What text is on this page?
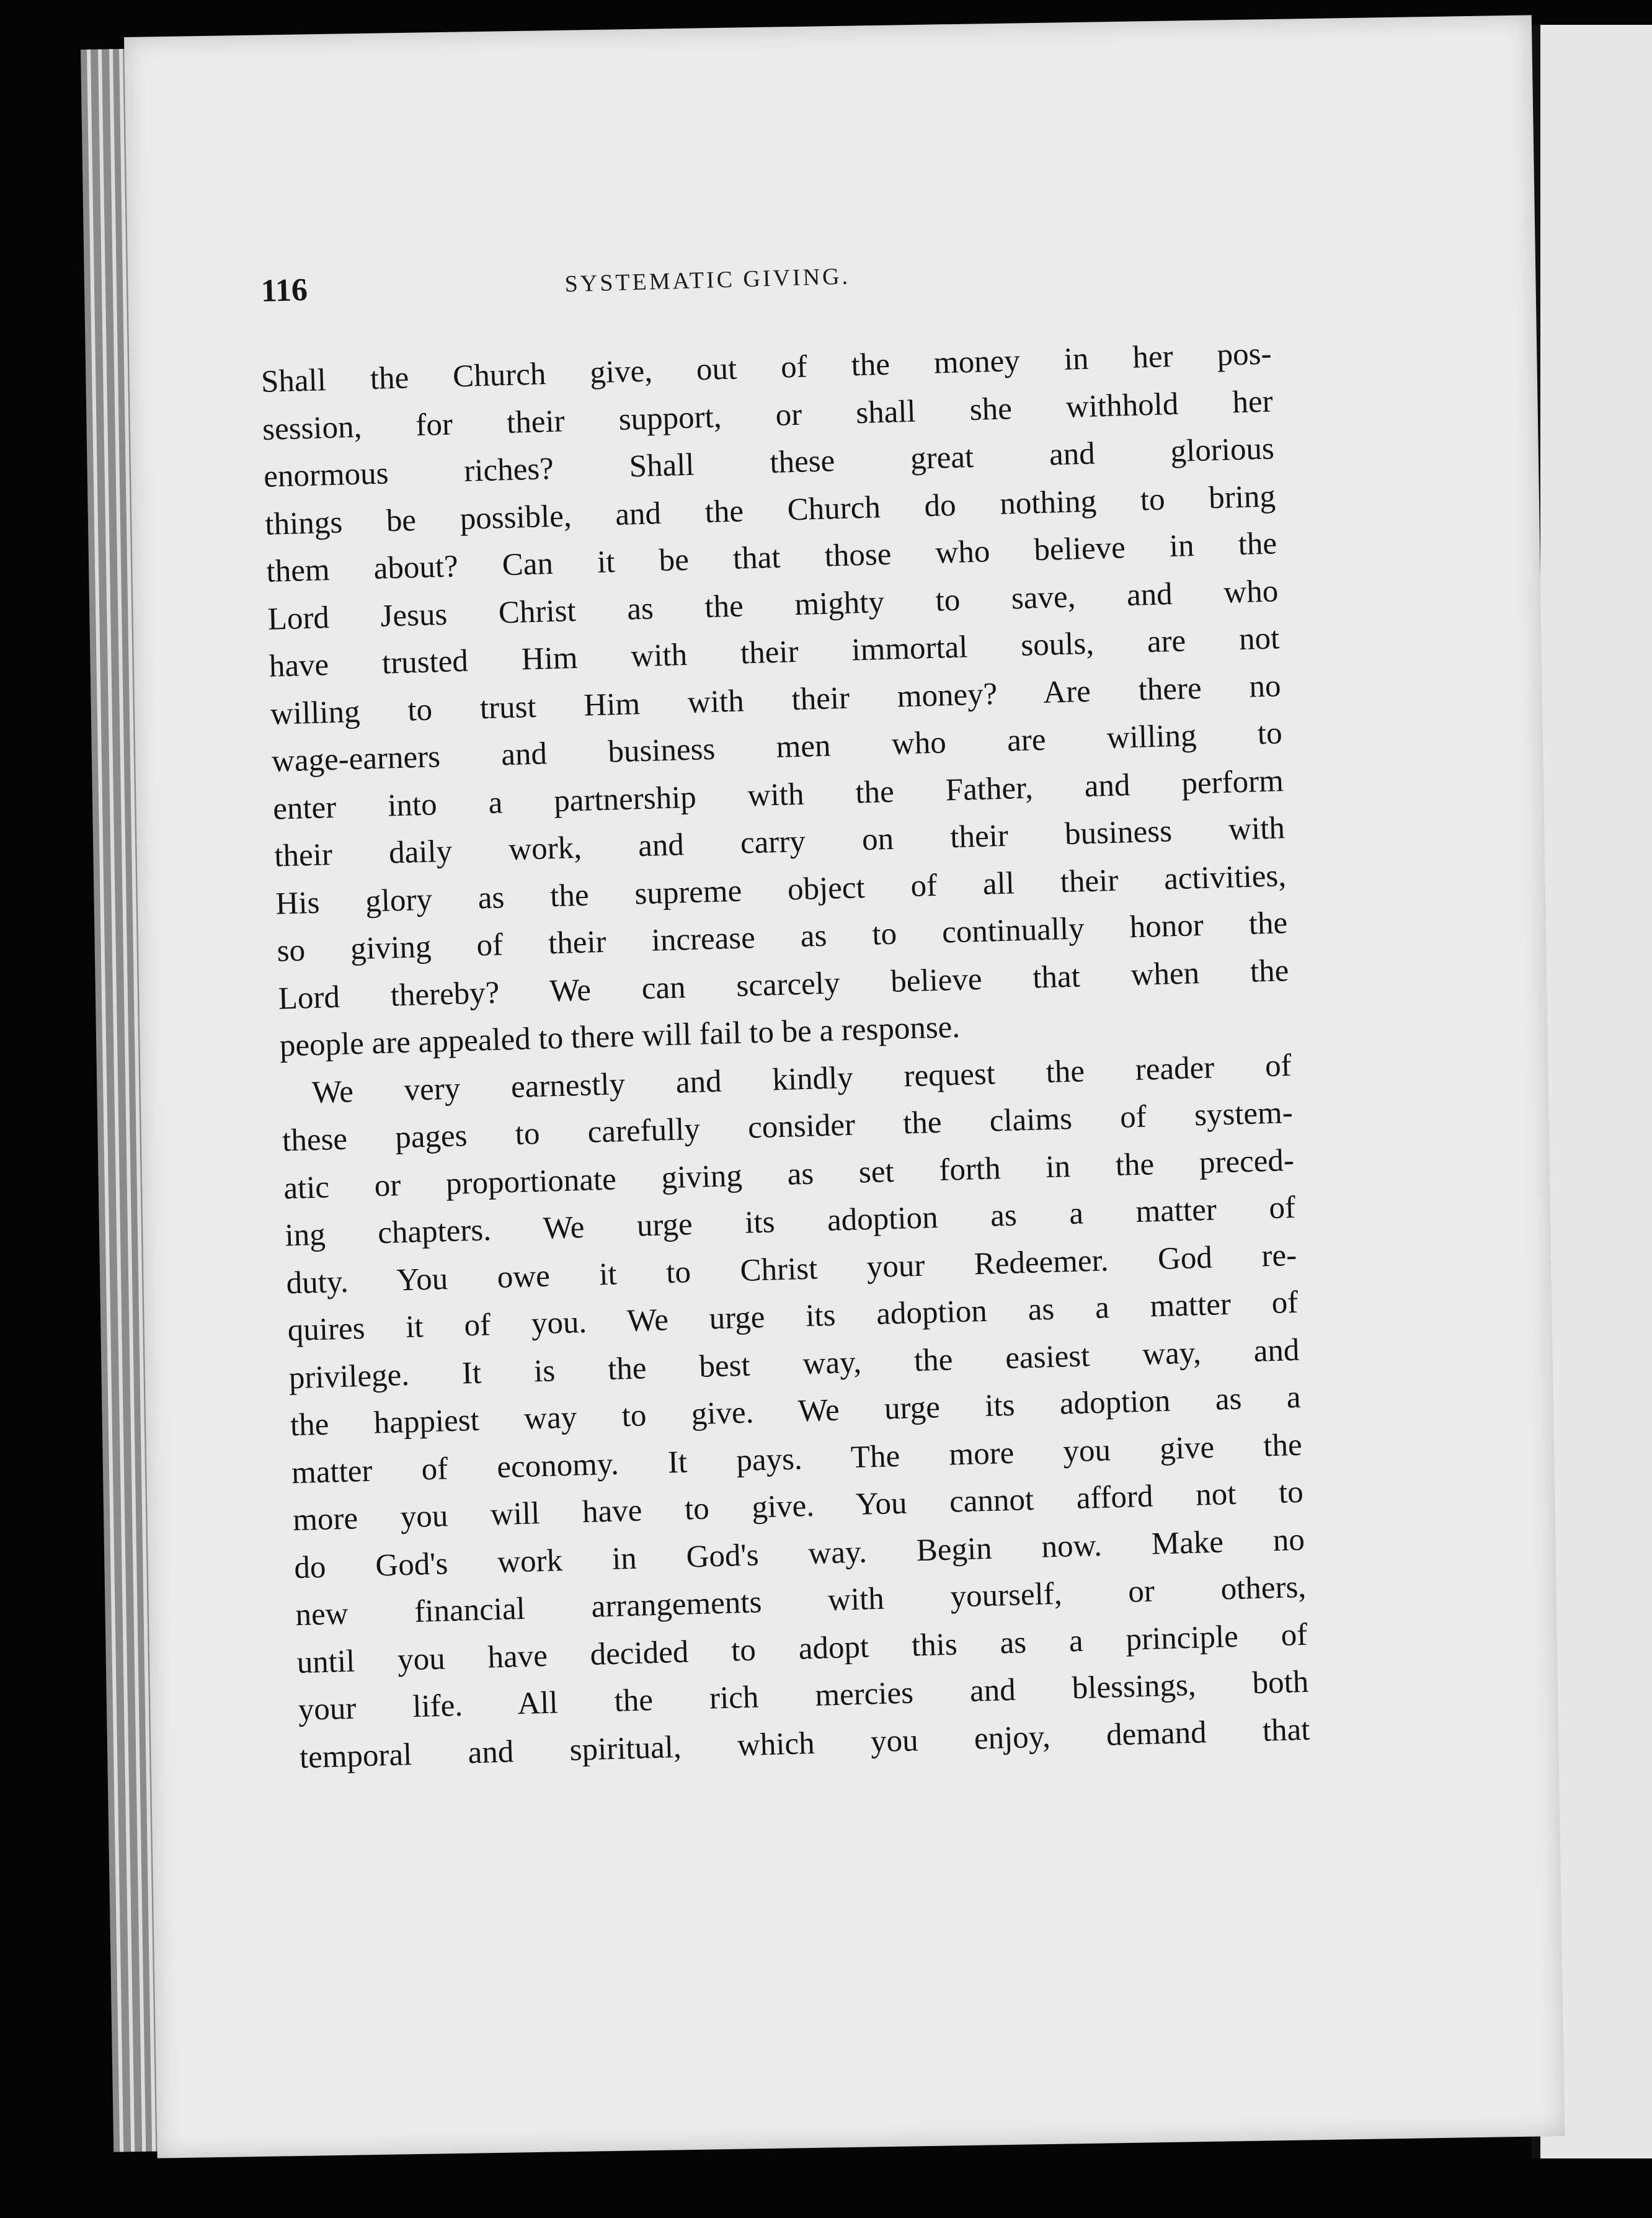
116	SYSTEMATIC GIVING.
Shall the Church give, out of the money in her pos-
session, for their support, or shall she withhold her
enormous riches? Shall these great and glorious
things be possible, and the Church do nothing to bring
them about? Can it be that those who believe in the
Lord Jesus Christ as the mighty to save, and who
have trusted Him with their immortal souls, are not
willing to trust Him with their money? Are there no
wage-earners and business men who are willing to
enter into a partnership with the Father, and perform
their daily work, and carry on their business with
His glory as the supreme object of all their activities,
so giving of their increase as to continually honor the
Lord thereby? We can scarcely believe that when the
people are appealed to there will fail to be a response.
We very earnestly and kindly request the reader of
these pages to carefully consider the claims of system-
atic or proportionate giving as set forth in the preced-
ing chapters. We urge its adoption as a matter of
duty. You owe it to Christ your Redeemer. God re-
quires it of you. We urge its adoption as a matter of
privilege. It is the best way, the easiest way, and
the happiest way to give. We urge its adoption as a
matter of economy. It pays. The more you give the
more you will have to give. You cannot afford not to
do God's work in God's way. Begin now. Make no
new financial arrangements with yourself, or others,
until you have decided to adopt this as a principle of
your life. All the rich mercies and blessings, both
temporal and spiritual, which you enjoy, demand that
